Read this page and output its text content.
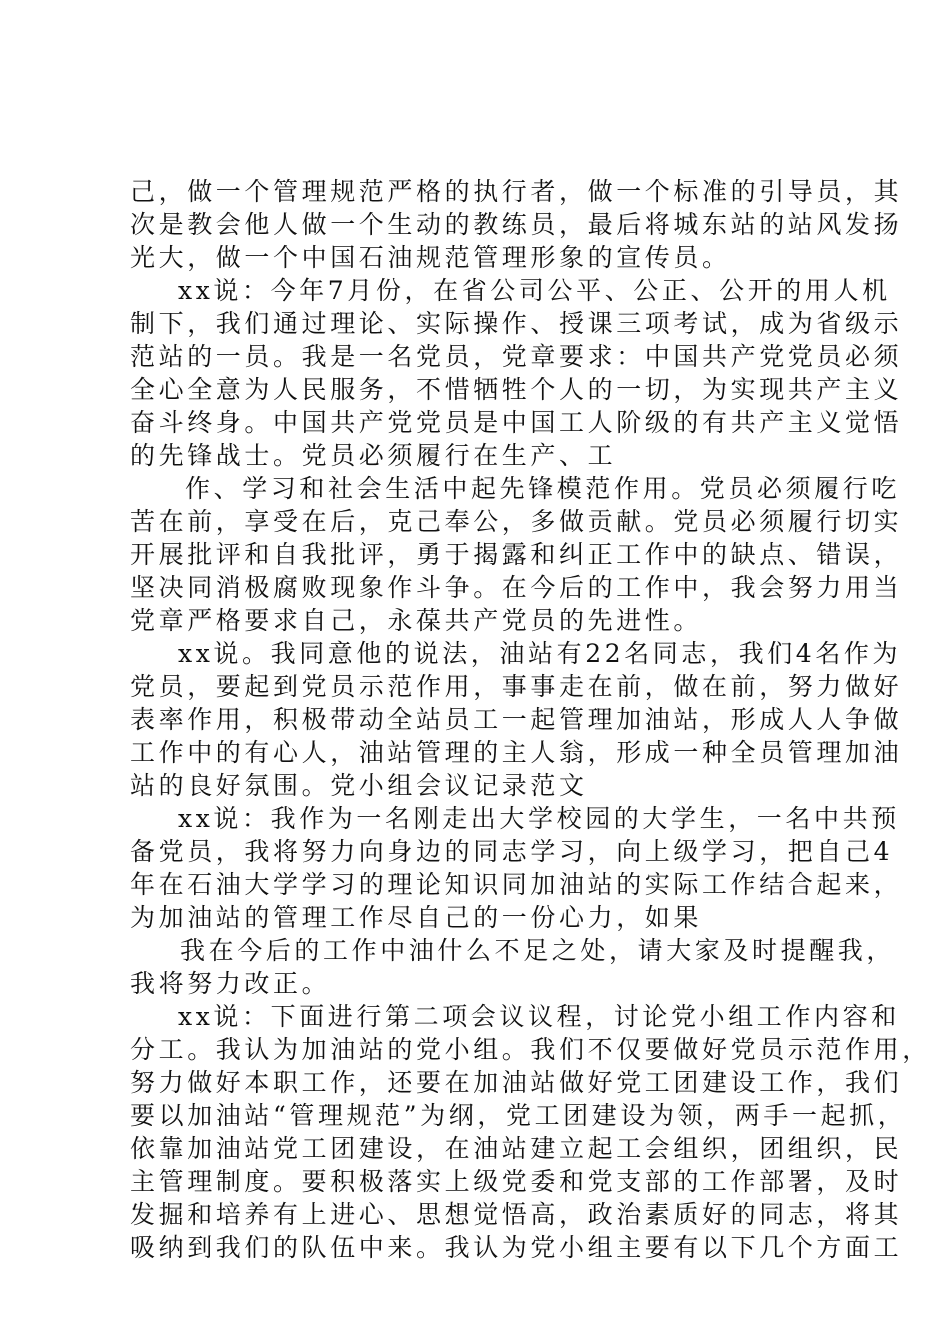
己，做一个管理规范严格的执行者，做一个标准的引导员，其
次是教会他人做一个生动的教练员，最后将城东站的站风发扬
光大，做一个中国石油规范管理形象的宣传员。
xx说：今年7月份，在省公司公平、公正、公开的用人机
制下，我们通过理论、实际操作、授课三项考试，成为省级示
范站的一员。我是一名党员，党章要求：中国共产党党员必须
全心全意为人民服务，不惜牺牲个人的一切，为实现共产主义
奋斗终身。中国共产党党员是中国工人阶级的有共产主义觉悟
的先锋战士。党员必须履行在生产、工
作、学习和社会生活中起先锋模范作用。党员必须履行吃
苦在前，享受在后，克己奉公，多做贡献。党员必须履行切实
开展批评和自我批评，勇于揭露和纠正工作中的缺点、错误，
坚决同消极腐败现象作斗争。在今后的工作中，我会努力用当
党章严格要求自己，永葆共产党员的先进性。
xx说。我同意他的说法，油站有22名同志，我们4名作为
党员，要起到党员示范作用，事事走在前，做在前，努力做好
表率作用，积极带动全站员工一起管理加油站，形成人人争做
工作中的有心人，油站管理的主人翁，形成一种全员管理加油
站的良好氛围。党小组会议记录范文
xx说：我作为一名刚走出大学校园的大学生，一名中共预
备党员，我将努力向身边的同志学习，向上级学习，把自己4
年在石油大学学习的理论知识同加油站的实际工作结合起来，
为加油站的管理工作尽自己的一份心力，如果
我在今后的工作中油什么不足之处，请大家及时提醒我，
我将努力改正。
xx说：下面进行第二项会议议程，讨论党小组工作内容和
分工。我认为加油站的党小组。我们不仅要做好党员示范作用，
努力做好本职工作，还要在加油站做好党工团建设工作，我们
要以加油站“管理规范”为纲，党工团建设为领，两手一起抓，
依靠加油站党工团建设，在油站建立起工会组织，团组织，民
主管理制度。要积极落实上级党委和党支部的工作部署，及时
发掘和培养有上进心、思想觉悟高，政治素质好的同志，将其
吸纳到我们的队伍中来。我认为党小组主要有以下几个方面工
